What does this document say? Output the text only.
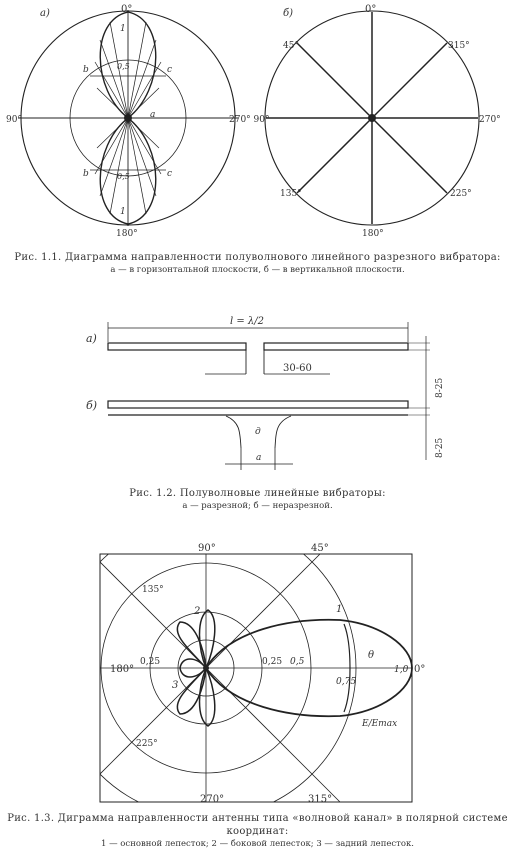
а)	0°
1
b	c
0,5
90°	270° 90°
a
b	c
0,5
1
180°
б)	0°
45°	315°
270°
135°	225°
180°
Рис. 1.1. Диаграмма направленности полуволнового линейного разрезного вибратора:
а — в горизонтальной плоскости, б — в вертикальной плоскости.
а)
б)
l = λ/2
30-60
8-25
8-25
д
а
Рис. 1.2. Полуволновые линейные вибраторы:
а — разрезной; б — неразрезной.
90°	45°
135°
180°	0°
225°
270°	315°
0,25	0,25 0,5
0,75
1,0
1
2
3
θ
E/Emax
Рис. 1.3. Диграмма направленности антенны типа «волновой канал» в полярной системе координат:
1 — основной лепесток; 2 — боковой лепесток; 3 — задний лепесток.
